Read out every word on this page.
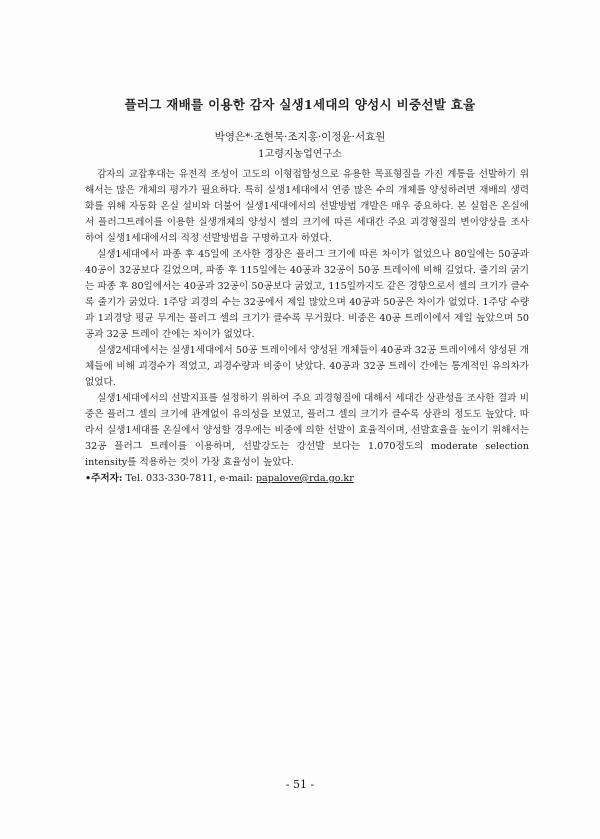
플러그 재배를 이용한 감자 실생1세대의 양성시 비중선발 효율
박영은*·조현묵·조지홍·이정윤·서효원
1고령지농업연구소

감자의 교잡후대는 유전적 조성이 고도의 이형접합성으로 유용한 목표형질을 가진 계통을 선발하기 위해서는 많은 개체의 평가가 필요하다. 특히 실생1세대에서 연중 많은 수의 개체를 양성하려면 재배의 생력화를 위해 자동화 온실 설비와 더불어 실생1세대에서의 선발방법 개발은 매우 중요하다. 본 실험은 온실에서 플러그트레이를 이용한 실생개체의 양성시 셀의 크기에 따른 세대간 주요 괴경형질의 변이양상을 조사하여 실생1세대에서의 적정 선발방법을 구명하고자 하였다.

실생1세대에서 파종 후 45일에 조사한 경장은 플러그 크기에 따른 차이가 없었으나 80일에는 50공과 40공이 32공보다 길었으며, 파종 후 115일에는 40공과 32공이 50공 트레이에 비해 길었다. 줄기의 굵기는 파종 후 80일에서는 40공과 32공이 50공보다 굵었고, 115일까지도 같은 경향으로서 셀의 크기가 클수록 줄기가 굵었다. 1주당 괴경의 수는 32공에서 제일 많았으며 40공과 50공은 차이가 없었다. 1주당 수량과 1괴경당 평균 무게는 플러그 셀의 크기가 클수록 무거웠다. 비중은 40공 트레이에서 제일 높았으며 50공과 32공 트레이 간에는 차이가 없었다.

실생2세대에서는 실생1세대에서 50공 트레이에서 양성된 개체들이 40공과 32공 트레이에서 양성된 개체들에 비해 괴경수가 적었고, 괴경수량과 비중이 낮았다. 40공과 32공 트레이 간에는 통계적인 유의차가 없었다.

실생1세대에서의 선발지표를 설정하기 위하여 주요 괴경형질에 대해서 세대간 상관성을 조사한 결과 비중은 플러그 셀의 크기에 관계없이 유의성을 보였고, 플러그 셀의 크기가 클수록 상관의 정도도 높았다. 따라서 실생1세대를 온실에서 양성할 경우에는 비중에 의한 선발이 효율적이며, 선발효율을 높이기 위해서는 32공 플러그 트레이를 이용하며, 선발강도는 강선발 보다는 1.070정도의 moderate selection intensity를 적용하는 것이 가장 효율성이 높았다.

•주저자: Tel. 033-330-7811, e-mail: papalove@rda.go.kr

- 51 -
